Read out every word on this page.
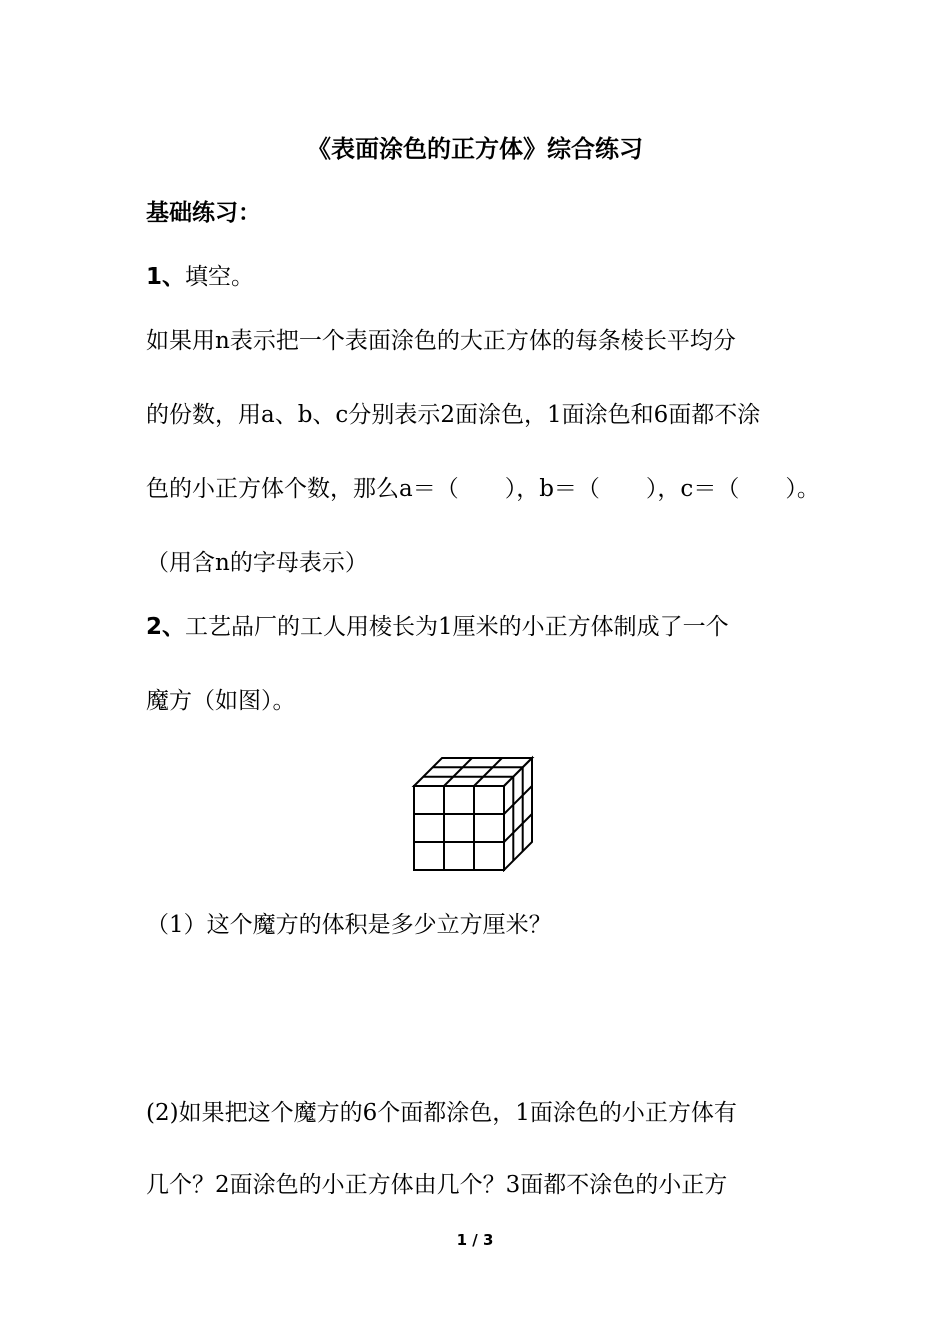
《表面涂色的正方体》综合练习

基础练习：

1、填空。

如果用n表示把一个表面涂色的大正方体的每条棱长平均分

的份数，用a、b、c分别表示2面涂色，1面涂色和6面都不涂

色的小正方体个数，那么a＝（　　），b＝（　　），c＝（　　）。

（用含n的字母表示）

2、工艺品厂的工人用棱长为1厘米的小正方体制成了一个

魔方（如图）。

（1）这个魔方的体积是多少立方厘米？

(2)如果把这个魔方的6个面都涂色，1面涂色的小正方体有

几个？2面涂色的小正方体由几个？3面都不涂色的小正方

1 / 3
